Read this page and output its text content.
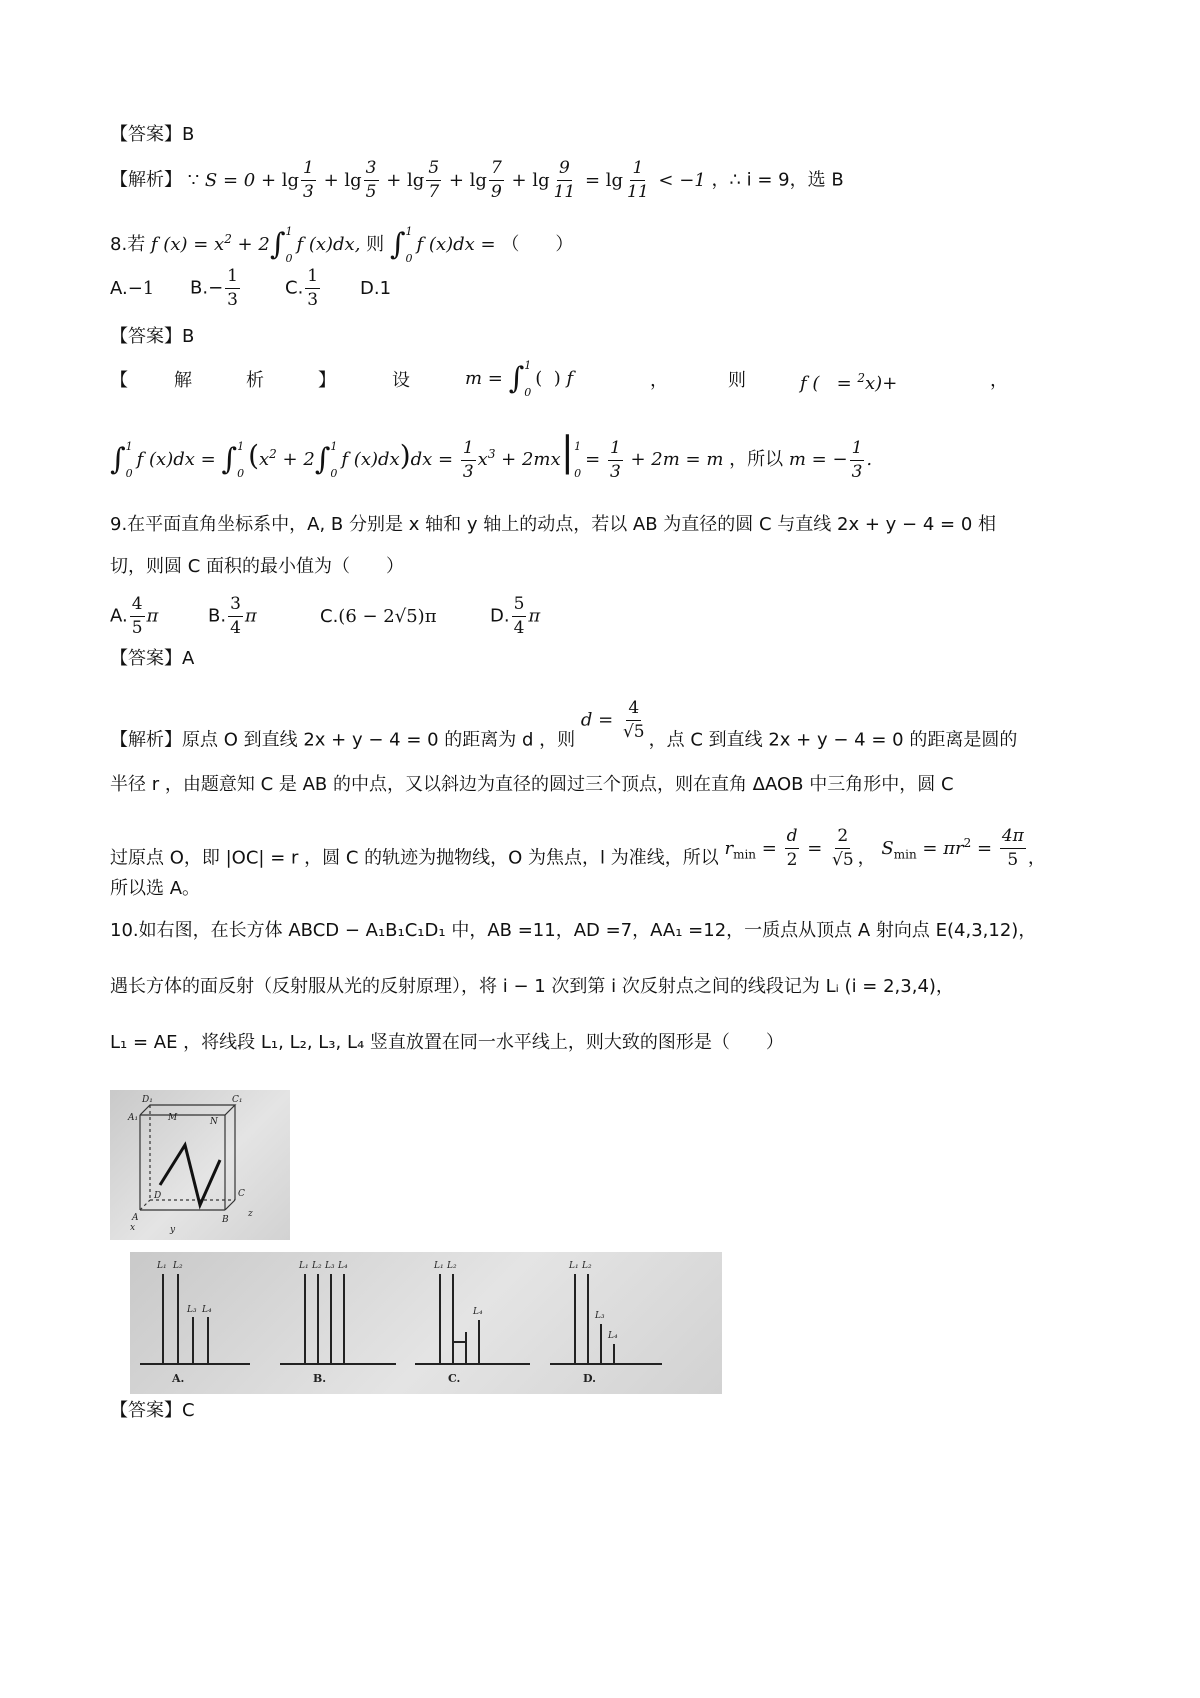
【答案】B
【解析】 ∵ $S = 0 + \lg \frac{1}{3} + \lg \frac{3}{5} + \lg \frac{5}{7} + \lg \frac{7}{9} + \lg \frac{9}{11} = \lg \frac{1}{11} < -1$ ，∴ i = 9，选 B
8.若 f $(x) = x^2 + 2\int$ 1
0
f (x)dx, 则 ∫ 1
0
f (x)dx = （　　）
A.−1 $B.- \frac{1}{3}$	C. $\frac{1}{3} D.1$
【答案】B
【	解	析	】	设	m = ∫ 1
0
(  ) f	，	则	f (   = $^2$x)+	，
∫ 1
0
f (x)dx = ∫ 1
0
($x^2 + 2\int$ 1
0
f $(x)dx)dx = \frac{1}{3} x^3 + 2mx|$ 1
0
= $\frac{1}{3} + 2m = m$ ，所以 m = − $\frac{1}{3}$ .
9.在平面直角坐标系中，A, B 分别是 x 轴和 y 轴上的动点，若以 AB 为直径的圆 C 与直线 2x + y − 4 = 0 相
切，则圆 C 面积的最小值为（　　）
A. $\frac{4}{5}$ π	B. $\frac{3}{4}$ π	C.(6 − 2√5)π	D. $\frac{5}{4}$ π
【答案】A
【解析】原点 O 到直线 2x + y − 4 = 0 的距离为 d ，则 $d = \frac{4}{√5}$ ，点 C 到直线 2x + y − 4 = 0 的距离是圆的
半径 r ，由题意知 C 是 AB 的中点，又以斜边为直径的圆过三个顶点，则在直角 ΔAOB 中三角形中，圆 C
过原点 O，即 |OC| = r ，圆 C 的轨迹为抛物线，O 为焦点，l 为准线，所以 $r_{min} = \frac{d}{2} = \frac{2}{√5}$ ， $S_{min} = \pi r^2 = \frac{4\pi}{5}$ ，
所以选 A。
10.如右图，在长方体 ABCD − A₁B₁C₁D₁ 中，AB =11，AD =7，AA₁ =12，一质点从顶点 A 射向点 E(4,3,12)，
遇长方体的面反射（反射服从光的反射原理），将 i − 1 次到第 i 次反射点之间的线段记为 Lᵢ (i = 2,3,4)，
L₁ = AE ，将线段 L₁, L₂, L₃, L₄ 竖直放置在同一水平线上，则大致的图形是（　　）
D₁	C₁
A₁	M	N
D	C
A	B
x	y
z
L₁ L₂
L₃ L₄
L₁ L₂ L₃ L₄	L₁ L₂
L₄
L₁ L₂
L₃
L₄
A.	B.	C.	D.
【答案】C
